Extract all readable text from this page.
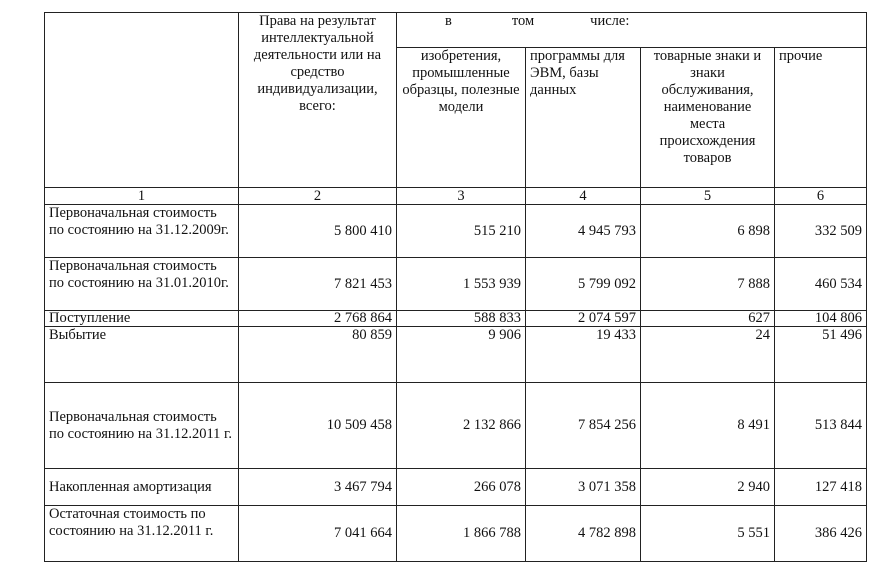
	Права на результат интеллектуальной деятельности или на средство индивидуализации, всего:	в том числе:			
		изобретения, промышленные образцы, полезные модели	программы для ЭВМ, базы данных	товарные знаки и знаки обслуживания, наименование места происхождения товаров	прочие
1	2	3	4	5	6
Первоначальная стоимость по состоянию на 31.12.2009г.	5 800 410	515 210	4 945 793	6 898	332 509
Первоначальная стоимость по состоянию на 31.01.2010г.	7 821 453	1 553 939	5 799 092	7 888	460 534
Поступление	2 768 864	588 833	2 074 597	627	104 806
Выбытие	80 859	9 906	19 433	24	51 496
Первоначальная стоимость по состоянию на 31.12.2011 г.	10 509 458	2 132 866	7 854 256	8 491	513 844
Накопленная амортизация	3 467 794	266 078	3 071 358	2 940	127 418
Остаточная стоимость по состоянию на 31.12.2011 г.	7 041 664	1 866 788	4 782 898	5 551	386 426
